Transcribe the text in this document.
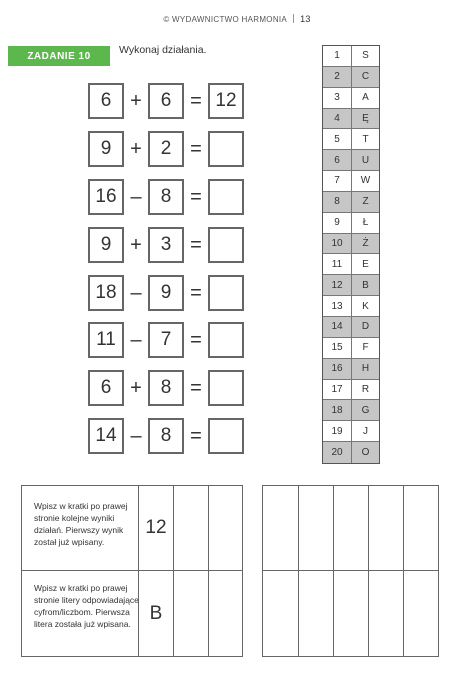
© WYDAWNICTWO HARMONIA 13
ZADANIE 10	Wykonaj działania.
6 + 6 = 12
9 + 2 =
16 –	8 =
9 + 3 =
18 –	9 =
11 –	7 =
6 + 8 =
14 –	8 =
1	S
2	C
3	A
4	Ę
5	T
6	U
7	W
8	Z
9	Ł
10	Ż
11	E
12	B
13	K
14	D
15	F
16	H
17	R
18	G
19	J
20	O
Wpisz w kratki po prawej stronie kolejne wyniki działań. Pierwszy wynik został już wpisany.
Wpisz w kratki po prawej stronie litery odpowiadające cyfrom/liczbom. Pierwsza litera została już wpisana.
12
B
